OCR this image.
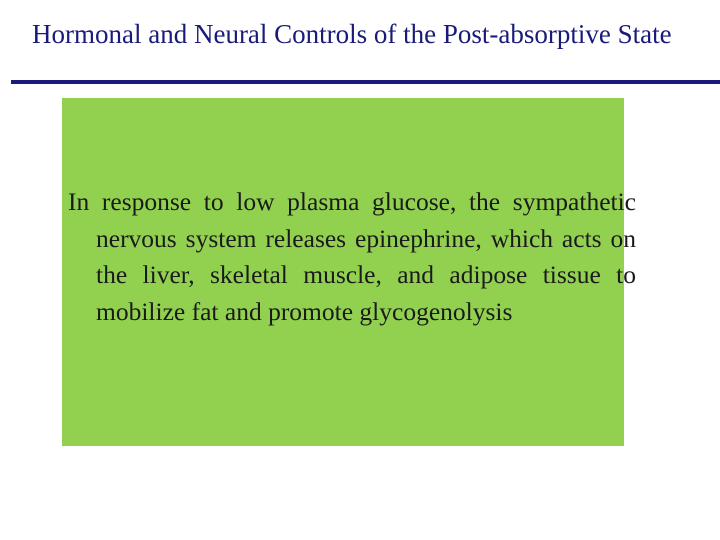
Hormonal and Neural Controls of the Post-absorptive State

In response to low plasma glucose, the sympathetic nervous system releases epinephrine, which acts on the liver, skeletal muscle, and adipose tissue to mobilize fat and promote glycogenolysis
